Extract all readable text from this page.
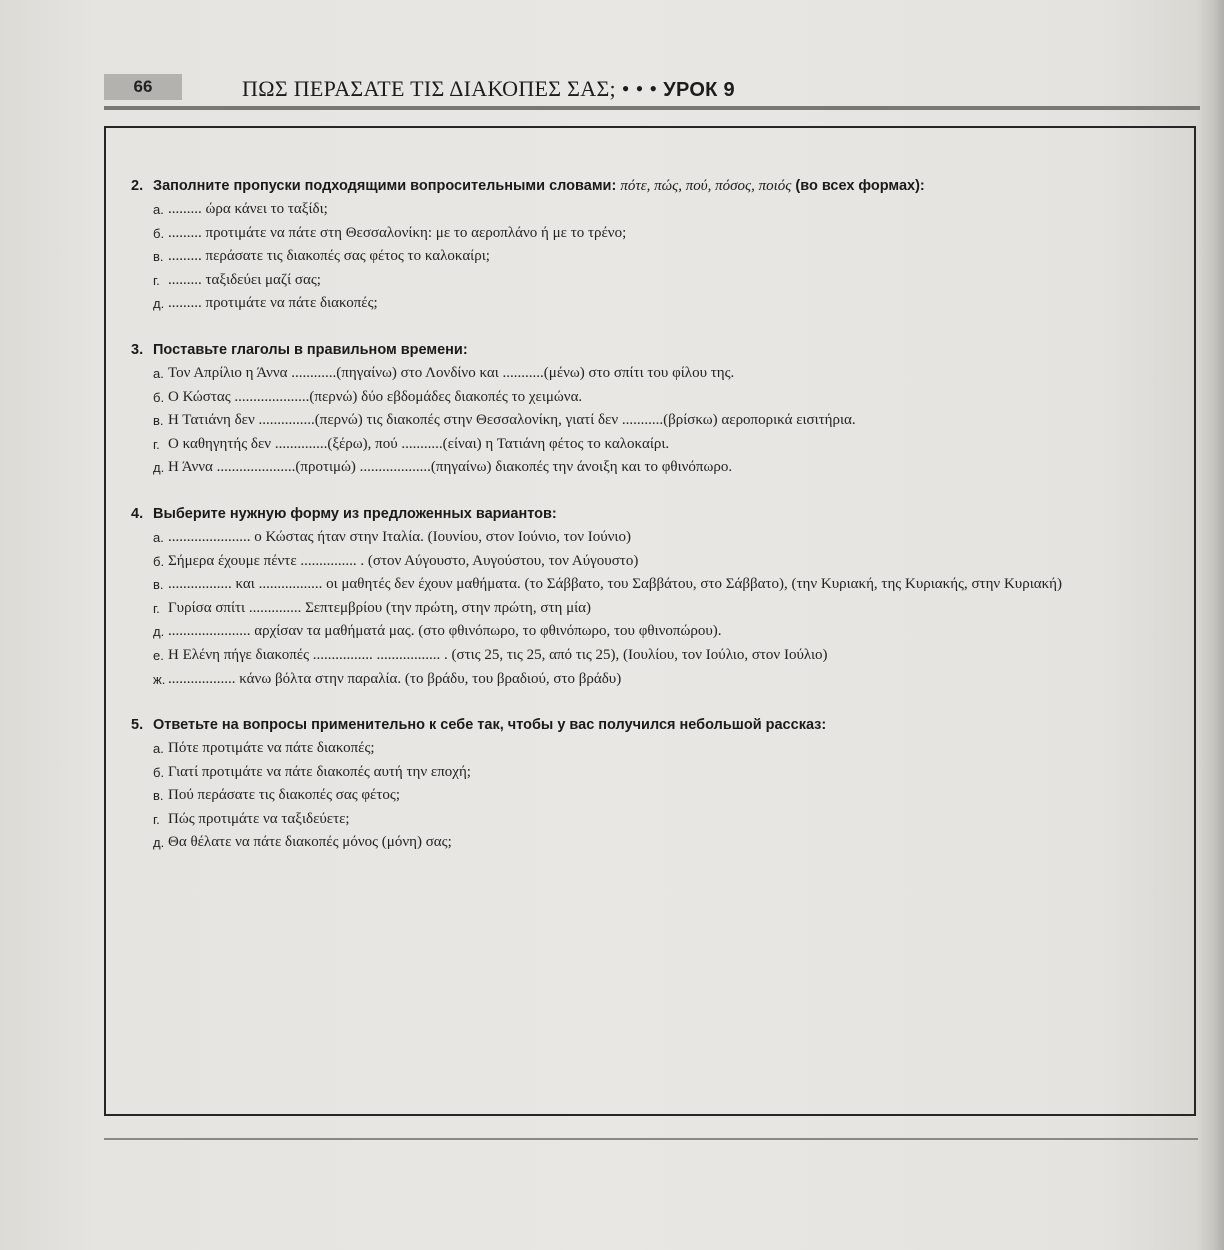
66	ΠΩΣ ΠΕΡΑΣΑΤΕ ΤΙΣ ΔΙΑΚΟΠΕΣ ΣΑΣ; • • • УРОК 9
2. Заполните пропуски подходящими вопросительными словами: πότε, πώς, πού, πόσος, ποιός (во всех формах):
а. ......... ώρα κάνει το ταξίδι;
б. ......... προτιμάτε να πάτε στη Θεσσαλονίκη: με το αεροπλάνο ή με το τρένο;
в. ......... περάσατε τις διακοπές σας φέτος το καλοκαίρι;
г. ......... ταξιδεύει μαζί σας;
д. ......... προτιμάτε να πάτε διακοπές;
3. Поставьте глаголы в правильном времени:
а. Τον Απρίλιο η Άννα ............(πηγαίνω) στο Λονδίνο και ...........(μένω) στο σπίτι του φίλου της.
б. Ο Κώστας ....................(περνώ) δύο εβδομάδες διακοπές το χειμώνα.
в. Η Τατιάνη δεν ...............(περνώ) τις διακοπές στην Θεσσαλονίκη, γιατί δεν ...........(βρίσκω) αεροπορικά εισιτήρια.
г. Ο καθηγητής δεν ..............(ξέρω), πού ...........(είναι) η Τατιάνη φέτος το καλοκαίρι.
д. Η Άννα .....................(προτιμώ) ...................(πηγαίνω) διακοπές την άνοιξη και το φθινόπωρο.
4. Выберите нужную форму из предложенных вариантов:
а. ...................... ο Κώστας ήταν στην Ιταλία. (Ιουνίου, στον Ιούνιο, τον Ιούνιο)
б. Σήμερα έχουμε πέντε ............... . (στον Αύγουστο, Αυγούστου, τον Αύγουστο)
в. ................. και ................. οι μαθητές δεν έχουν μαθήματα. (το Σάββατο, του Σαββάτου, στο Σάββατο), (την Κυριακή, της Κυριακής, στην Κυριακή)
г. Γυρίσα σπίτι .............. Σεπτεμβρίου (την πρώτη, στην πρώτη, στη μία)
д. ...................... αρχίσαν τα μαθήματά μας. (στο φθινόπωρο, το φθινόπωρο, του φθινοπώρου).
е. Η Ελένη πήγε διακοπές ................ ................. . (στις 25, τις 25, από τις 25), (Ιουλίου, τον Ιούλιο, στον Ιούλιο)
ж. .................. κάνω βόλτα στην παραλία. (το βράδυ, του βραδιού, στο βράδυ)
5. Ответьте на вопросы применительно к себе так, чтобы у вас получился небольшой рассказ:
а. Πότε προτιμάτε να πάτε διακοπές;
б. Γιατί προτιμάτε να πάτε διακοπές αυτή την εποχή;
в. Πού περάσατε τις διακοπές σας φέτος;
г. Πώς προτιμάτε να ταξιδεύετε;
д. Θα θέλατε να πάτε διακοπές μόνος (μόνη) σας;
